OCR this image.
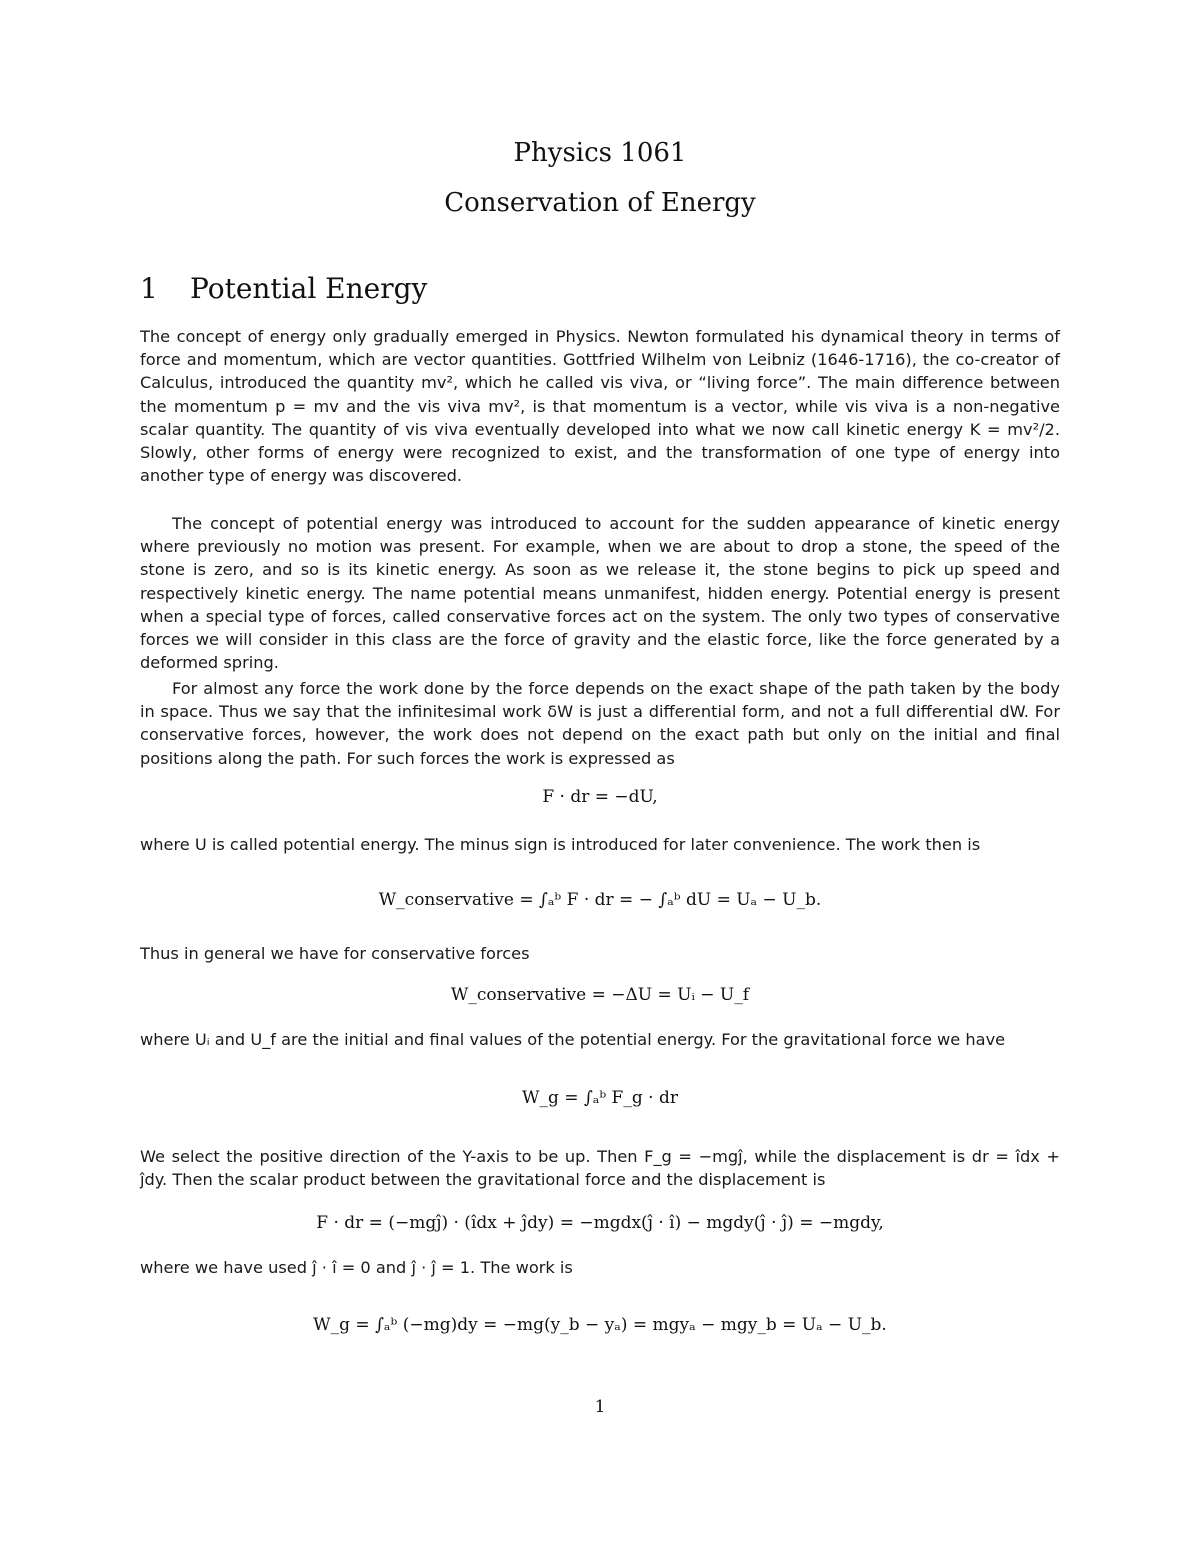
Physics 1061
Conservation of Energy
1 Potential Energy
The concept of energy only gradually emerged in Physics. Newton formulated his dynamical theory in terms of force and momentum, which are vector quantities. Gottfried Wilhelm von Leibniz (1646-1716), the co-creator of Calculus, introduced the quantity mv², which he called vis viva, or “living force”. The main difference between the momentum p = mv and the vis viva mv², is that momentum is a vector, while vis viva is a non-negative scalar quantity. The quantity of vis viva eventually developed into what we now call kinetic energy K = mv²/2. Slowly, other forms of energy were recognized to exist, and the transformation of one type of energy into another type of energy was discovered.
The concept of potential energy was introduced to account for the sudden appearance of kinetic energy where previously no motion was present. For example, when we are about to drop a stone, the speed of the stone is zero, and so is its kinetic energy. As soon as we release it, the stone begins to pick up speed and respectively kinetic energy. The name potential means unmanifest, hidden energy. Potential energy is present when a special type of forces, called conservative forces act on the system. The only two types of conservative forces we will consider in this class are the force of gravity and the elastic force, like the force generated by a deformed spring.
For almost any force the work done by the force depends on the exact shape of the path taken by the body in space. Thus we say that the infinitesimal work δW is just a differential form, and not a full differential dW. For conservative forces, however, the work does not depend on the exact path but only on the initial and final positions along the path. For such forces the work is expressed as
F · dr = −dU,
where U is called potential energy. The minus sign is introduced for later convenience. The work then is
W_conservative = ∫ₐᵇ F · dr = − ∫ₐᵇ dU = Uₐ − U_b.
Thus in general we have for conservative forces
W_conservative = −ΔU = Uᵢ − U_f
where Uᵢ and U_f are the initial and final values of the potential energy. For the gravitational force we have
W_g = ∫ₐᵇ F_g · dr
We select the positive direction of the Y-axis to be up. Then F_g = −mgĵ, while the displacement is dr = îdx + ĵdy. Then the scalar product between the gravitational force and the displacement is
F · dr = (−mgĵ) · (îdx + ĵdy) = −mgdx(ĵ · î) − mgdy(ĵ · ĵ) = −mgdy,
where we have used ĵ · î = 0 and ĵ · ĵ = 1. The work is
W_g = ∫ₐᵇ (−mg)dy = −mg(y_b − yₐ) = mgyₐ − mgy_b = Uₐ − U_b.
1
